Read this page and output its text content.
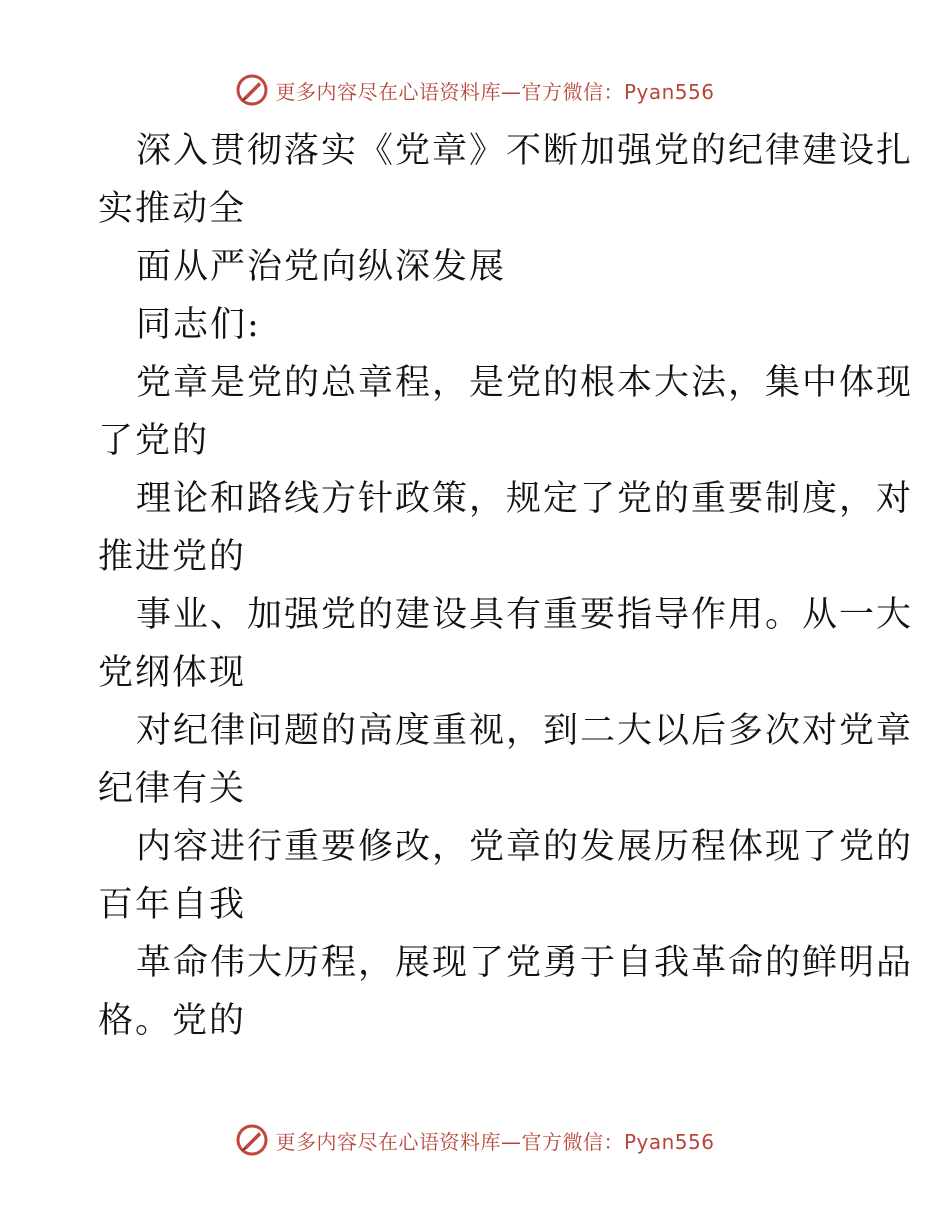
更多内容尽在心语资料库—官方微信：Pyan556
深入贯彻落实《党章》不断加强党的纪律建设扎
实推动全
面从严治党向纵深发展
同志们:
党章是党的总章程，是党的根本大法，集中体现
了党的
理论和路线方针政策，规定了党的重要制度，对
推进党的
事业、加强党的建设具有重要指导作用。从一大
党纲体现
对纪律问题的高度重视，到二大以后多次对党章
纪律有关
内容进行重要修改，党章的发展历程体现了党的
百年自我
革命伟大历程，展现了党勇于自我革命的鲜明品
格。党的
更多内容尽在心语资料库—官方微信：Pyan556
